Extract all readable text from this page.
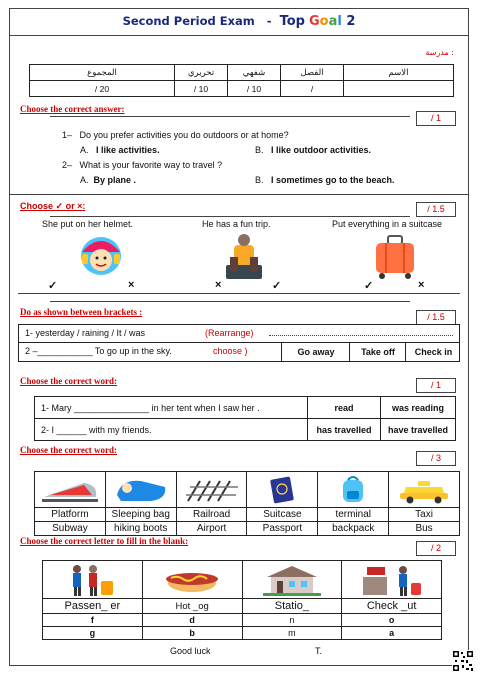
Second Period Exam - Top Goal 2
مدرسة :
المجموع	تحريري	شفهي	الفصل	الاسم
/ 20	/ 10	/ 10	/	
Choose the correct answer:
/ 1
1– Do you prefer activities you do outdoors or at home?
A. I like activities.	B. I like outdoor activities.
2– What is your favorite way to travel ?
A. By plane .	B. I sometimes go to the beach.
Choose ✓ or ×:	/ 1.5
She put on her helmet.	He has a fun trip.	Put everything in a suitcase
✓	×	×	✓	✓	×
Do as shown between brackets :	/ 1.5
1- yesterday / raining / It / was	(Rearrange)
2 –___________ To go up in the sky.	choose )	Go away	Take off	Check in
Choose the correct word:	/ 1
1- Mary _______________ in her tent when I saw her .	read	was reading
2- I ______ with my friends.	has travelled	have travelled
Choose the correct word:
/ 3

Platform	Sleeping bag	Railroad	Suitcase	terminal	Taxi
Subway	hiking boots	Airport	Passport	backpack	Bus
Choose the correct letter to fill in the blank:
/ 2

Passen_ er	Hot _og	Statio_	Check _ut
f	d	n	o
g	b	m	a
Good luck	T.
